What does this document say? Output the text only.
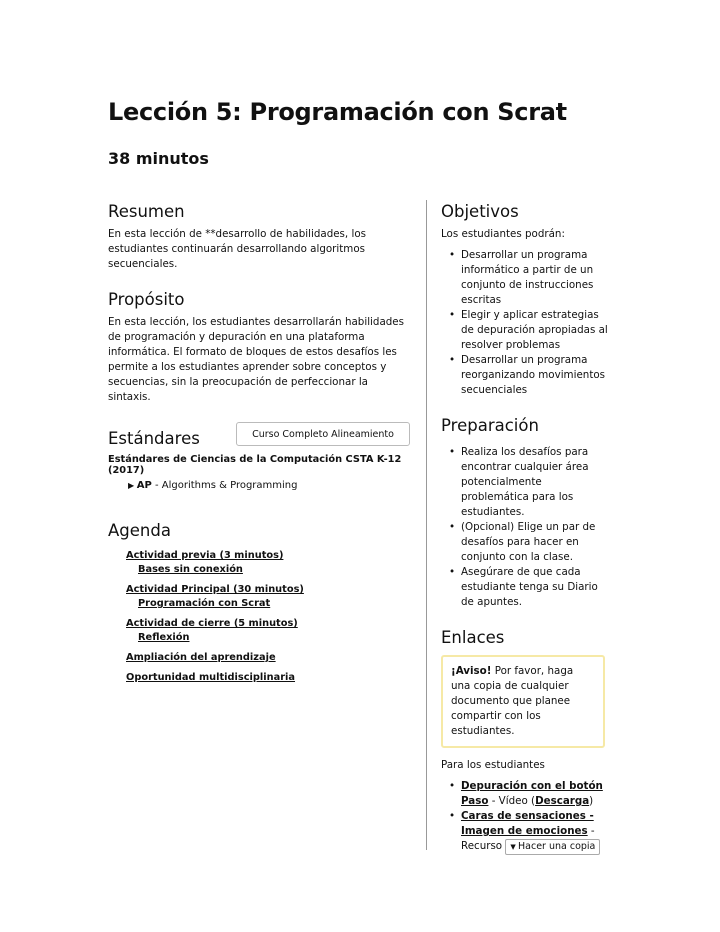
Lección 5: Programación con Scrat
38 minutos
Resumen

En esta lección de **desarrollo de habilidades, los estudiantes continuarán desarrollando algoritmos secuenciales.

Propósito

En esta lección, los estudiantes desarrollarán habilidades de programación y depuración en una plataforma informática. El formato de bloques de estos desafíos les permite a los estudiantes aprender sobre conceptos y secuencias, sin la preocupación de perfeccionar la sintaxis.

Estándares	Curso Completo Alineamiento
Estándares de Ciencias de la Computación CSTA K-12 (2017)
▶ AP - Algorithms & Programming
Agenda
Actividad previa (3 minutos)
Bases sin conexión
Actividad Principal (30 minutos)
Programación con Scrat
Actividad de cierre (5 minutos)
Reflexión
Ampliación del aprendizaje
Oportunidad multidisciplinaria
Objetivos

Los estudiantes podrán:

• Desarrollar un programa informático a partir de un conjunto de instrucciones escritas
• Elegir y aplicar estrategias de depuración apropiadas al resolver problemas
• Desarrollar un programa reorganizando movimientos secuenciales
Preparación
• Realiza los desafíos para encontrar cualquier área potencialmente problemática para los estudiantes.
• (Opcional) Elige un par de desafíos para hacer en conjunto con la clase.
• Asegúrare de que cada estudiante tenga su Diario de apuntes.
Enlaces
¡Aviso! Por favor, haga una copia de cualquier documento que planee compartir con los estudiantes.

Para los estudiantes

• Depuración con el botón Paso - Vídeo (Descarga)
• Caras de sensaciones - Imagen de emociones - Recurso ▼ Hacer una copia
